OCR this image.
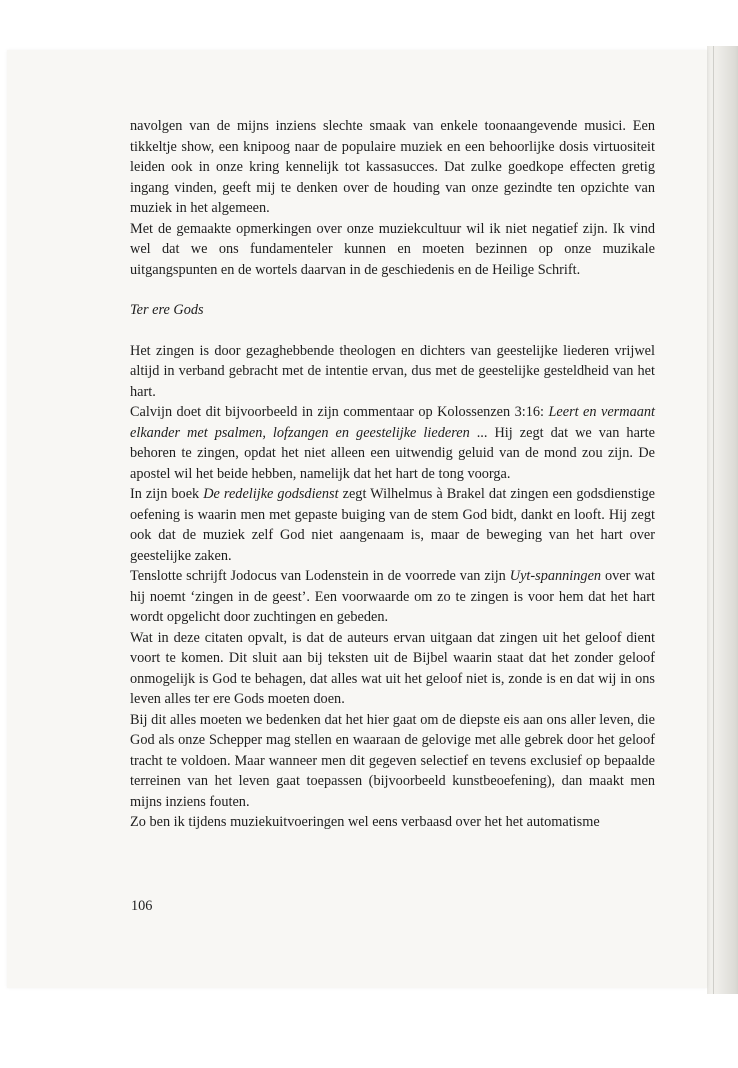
navolgen van de mijns inziens slechte smaak van enkele toonaangevende musici. Een tikkeltje show, een knipoog naar de populaire muziek en een behoorlijke dosis virtuositeit leiden ook in onze kring kennelijk tot kassasucces. Dat zulke goedkope effecten gretig ingang vinden, geeft mij te denken over de houding van onze gezindte ten opzichte van muziek in het algemeen.

Met de gemaakte opmerkingen over onze muziekcultuur wil ik niet negatief zijn. Ik vind wel dat we ons fundamenteler kunnen en moeten bezinnen op onze muzikale uitgangspunten en de wortels daarvan in de geschiedenis en de Heilige Schrift.

Ter ere Gods

Het zingen is door gezaghebbende theologen en dichters van geestelijke liederen vrijwel altijd in verband gebracht met de intentie ervan, dus met de geestelijke gesteldheid van het hart.

Calvijn doet dit bijvoorbeeld in zijn commentaar op Kolossenzen 3:16: Leert en vermaant elkander met psalmen, lofzangen en geestelijke liederen ... Hij zegt dat we van harte behoren te zingen, opdat het niet alleen een uitwendig geluid van de mond zou zijn. De apostel wil het beide hebben, namelijk dat het hart de tong voorga.

In zijn boek De redelijke godsdienst zegt Wilhelmus à Brakel dat zingen een godsdienstige oefening is waarin men met gepaste buiging van de stem God bidt, dankt en looft. Hij zegt ook dat de muziek zelf God niet aangenaam is, maar de beweging van het hart over geestelijke zaken.

Tenslotte schrijft Jodocus van Lodenstein in de voorrede van zijn Uyt-spanningen over wat hij noemt ‘zingen in de geest’. Een voorwaarde om zo te zingen is voor hem dat het hart wordt opgelicht door zuchtingen en gebeden.

Wat in deze citaten opvalt, is dat de auteurs ervan uitgaan dat zingen uit het geloof dient voort te komen. Dit sluit aan bij teksten uit de Bijbel waarin staat dat het zonder geloof onmogelijk is God te behagen, dat alles wat uit het geloof niet is, zonde is en dat wij in ons leven alles ter ere Gods moeten doen.

Bij dit alles moeten we bedenken dat het hier gaat om de diepste eis aan ons aller leven, die God als onze Schepper mag stellen en waaraan de gelovige met alle gebrek door het geloof tracht te voldoen. Maar wanneer men dit gegeven selectief en tevens exclusief op bepaalde terreinen van het leven gaat toepassen (bijvoorbeeld kunstbeoefening), dan maakt men mijns inziens fouten.

Zo ben ik tijdens muziekuitvoeringen wel eens verbaasd over het het automatisme

106
